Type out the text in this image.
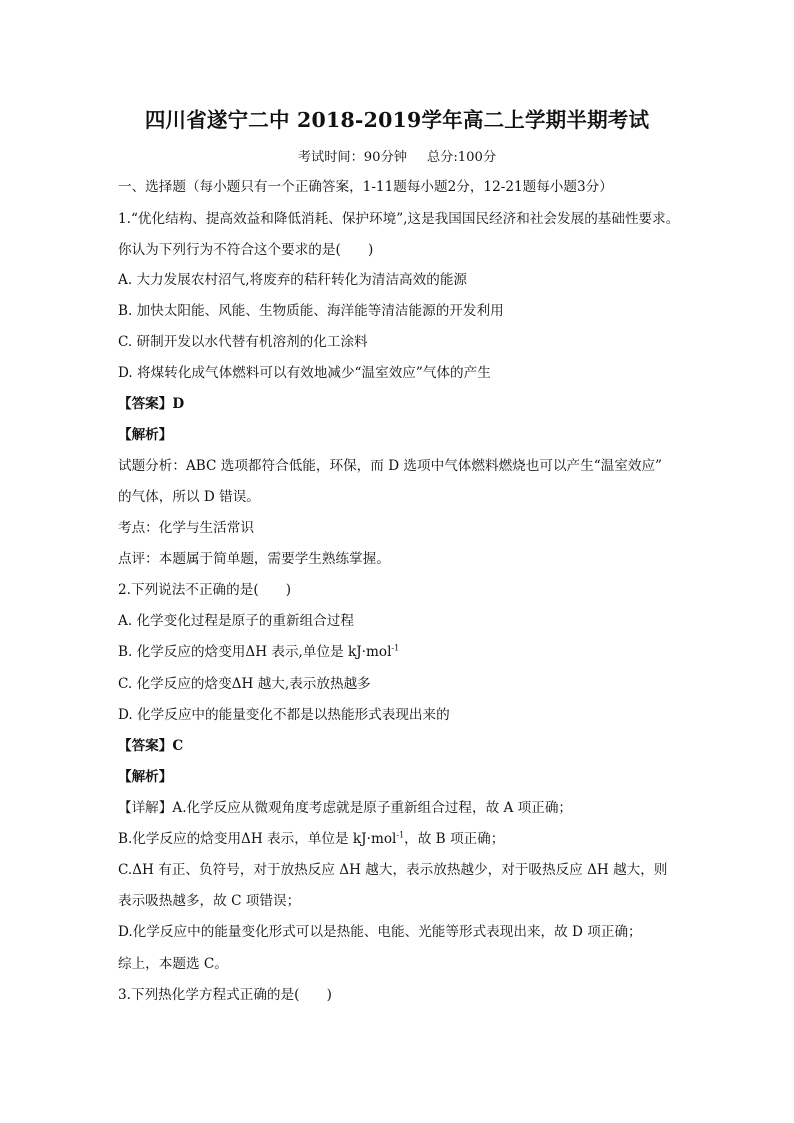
四川省遂宁二中 2018-2019学年高二上学期半期考试
考试时间：90分钟 总分:100分
一、选择题（每小题只有一个正确答案，1-11题每小题2分，12-21题每小题3分）
1.“优化结构、提高效益和降低消耗、保护环境”,这是我国国民经济和社会发展的基础性要求。
你认为下列行为不符合这个要求的是(　　)
A. 大力发展农村沼气,将废弃的秸秆转化为清洁高效的能源
B. 加快太阳能、风能、生物质能、海洋能等清洁能源的开发利用
C. 研制开发以水代替有机溶剂的化工涂料
D. 将煤转化成气体燃料可以有效地减少“温室效应”气体的产生
【答案】D
【解析】
试题分析：ABC 选项都符合低能，环保，而 D 选项中气体燃料燃烧也可以产生“温室效应”
的气体，所以 D 错误。
考点：化学与生活常识
点评：本题属于简单题，需要学生熟练掌握。
2.下列说法不正确的是(　　)
A. 化学变化过程是原子的重新组合过程
B. 化学反应的焓变用ΔH 表示,单位是 kJ·mol$^{-1}$
C. 化学反应的焓变ΔH 越大,表示放热越多
D. 化学反应中的能量变化不都是以热能形式表现出来的
【答案】C
【解析】
【详解】A.化学反应从微观角度考虑就是原子重新组合过程，故 A 项正确；
B.化学反应的焓变用ΔH 表示，单位是 kJ·mol$^{-1}$，故 B 项正确；
C.ΔH 有正、负符号，对于放热反应 ΔH 越大，表示放热越少，对于吸热反应 ΔH 越大，则
表示吸热越多，故 C 项错误；
D.化学反应中的能量变化形式可以是热能、电能、光能等形式表现出来，故 D 项正确；
综上，本题选 C。
3.下列热化学方程式正确的是(　　)
